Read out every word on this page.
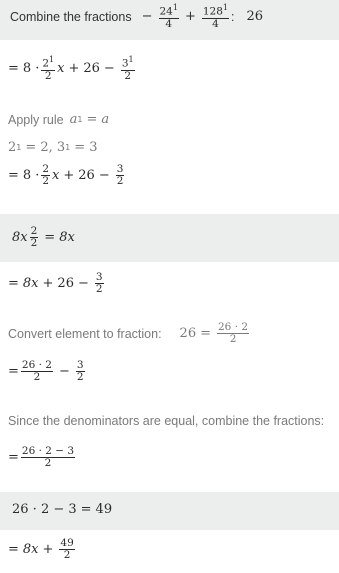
Combine the fractions − $\frac{24^1}{4} + \frac{128^1}{4}$ : 26
= $8 \cdot \frac{2^1}{2}$ $x + 26 - \frac{3^1}{2}$
Apply rule a 1 = a
2 1 = 2, 3 1 = 3
= $8 \cdot \frac{2}{2}$ $x + 26 - \frac{3}{2}$
$8x \frac{2}{2} = 8x$
= $8x + 26 - \frac{3}{2}$
Convert element to fraction: $26 = \frac{26 \cdot 2}{2}$
= $\frac{26 \cdot 2}{2} - \frac{3}{2}$
Since the denominators are equal, combine the fractions:
= $\frac{26 \cdot 2 - 3}{2}$
26 · 2 − 3 = 49
= $8x + \frac{49}{2}$
